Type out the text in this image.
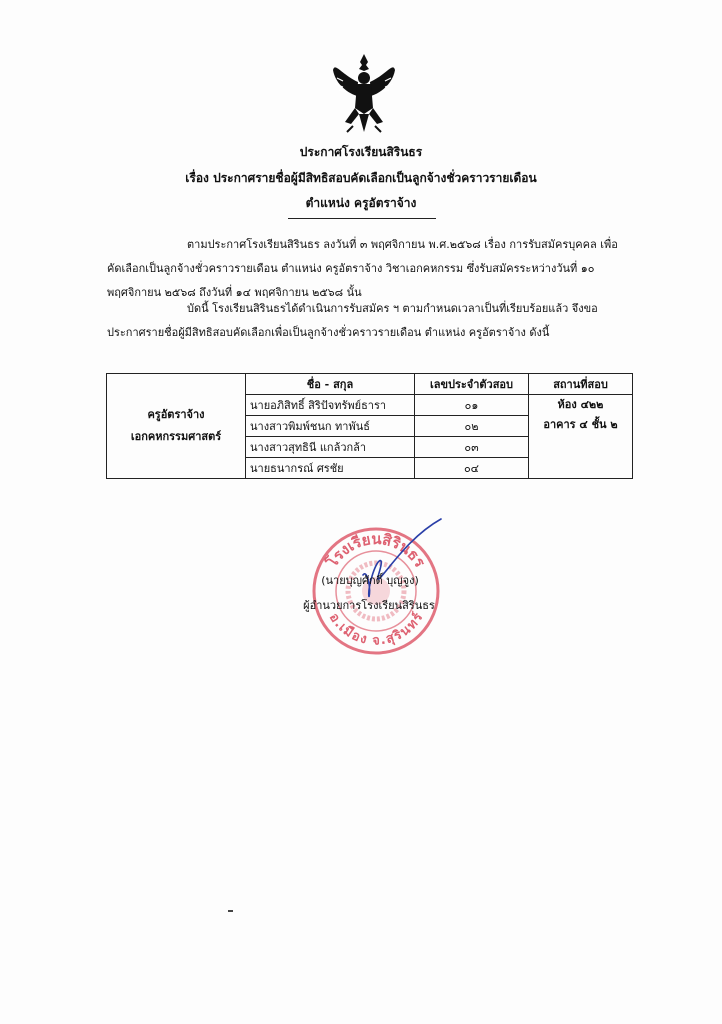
ประกาศโรงเรียนสิรินธร
เรื่อง ประกาศรายชื่อผู้มีสิทธิสอบคัดเลือกเป็นลูกจ้างชั่วคราวรายเดือน
ตำแหน่ง ครูอัตราจ้าง
ตามประกาศโรงเรียนสิรินธร ลงวันที่ ๓ พฤศจิกายน พ.ศ.๒๕๖๘ เรื่อง การรับสมัครบุคคล เพื่อคัดเลือกเป็นลูกจ้างชั่วคราวรายเดือน ตำแหน่ง ครูอัตราจ้าง วิชาเอกคหกรรม ซึ่งรับสมัครระหว่างวันที่ ๑๐ พฤศจิกายน ๒๕๖๘ ถึงวันที่ ๑๔ พฤศจิกายน ๒๕๖๘ นั้น
บัดนี้ โรงเรียนสิรินธรได้ดำเนินการรับสมัคร ฯ ตามกำหนดเวลาเป็นที่เรียบร้อยแล้ว จึงขอประกาศรายชื่อผู้มีสิทธิสอบคัดเลือกเพื่อเป็นลูกจ้างชั่วคราวรายเดือน ตำแหน่ง ครูอัตราจ้าง ดังนี้
ครูอัตราจ้าง
เอกคหกรรมศาสตร์	ชื่อ - สกุล	เลขประจำตัวสอบ	สถานที่สอบ
	นายอภิสิทธิ์ สิริปัจทรัพย์ธารา	๐๑	ห้อง ๔๒๒
อาคาร ๔ ชั้น ๒

	นางสาวพิมพ์ชนก ทาพันธ์	๐๒	
	นางสาวสุทธินี แกล้วกล้า	๐๓	
	นายธนากรณ์ ศรชัย	๐๔	
โรงเรียนสิรินธร
อ.เมือง จ.สุรินทร์
(นายบุญศักดิ์ บุญจูง)
ผู้อำนวยการโรงเรียนสิรินธร
